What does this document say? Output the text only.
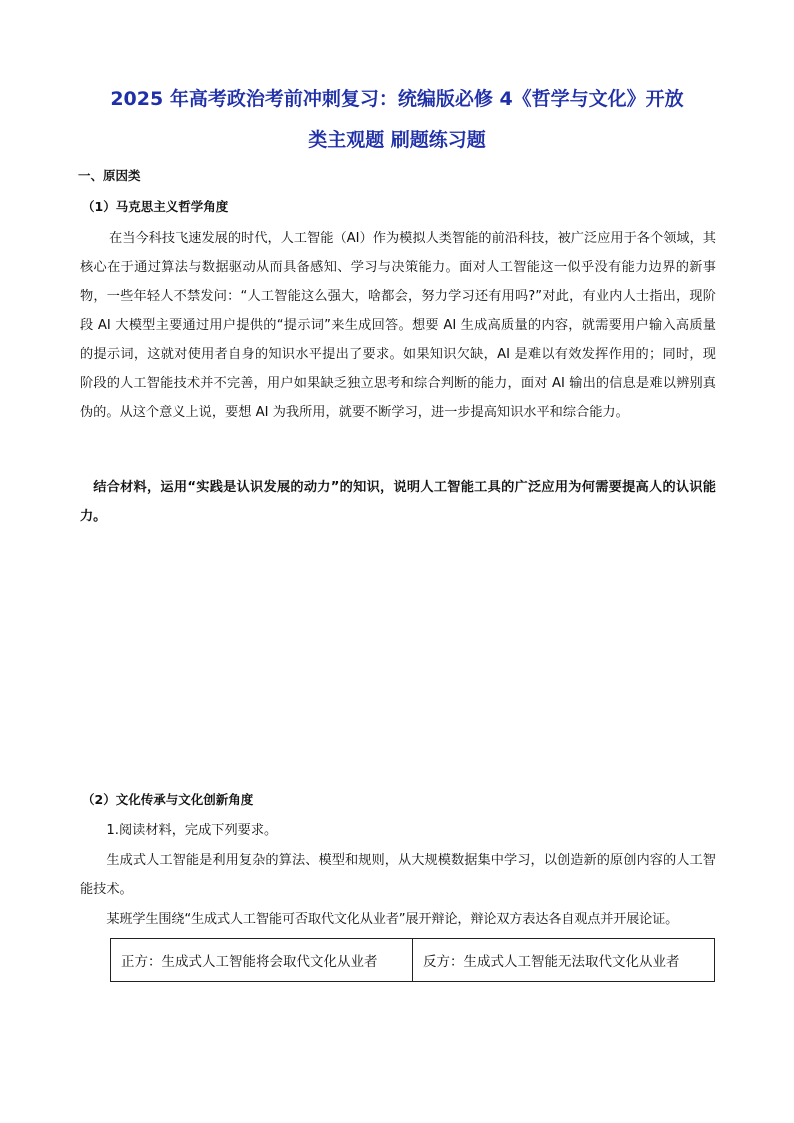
2025 年高考政治考前冲刺复习：统编版必修 4《哲学与文化》开放
类主观题 刷题练习题
一、原因类
（1）马克思主义哲学角度

在当今科技飞速发展的时代，人工智能（AI）作为模拟人类智能的前沿科技，被广泛应用于各个领域，其核心在于通过算法与数据驱动从而具备感知、学习与决策能力。面对人工智能这一似乎没有能力边界的新事物，一些年轻人不禁发问：“人工智能这么强大，啥都会，努力学习还有用吗?”对此，有业内人士指出，现阶段 AI 大模型主要通过用户提供的“提示词”来生成回答。想要 AI 生成高质量的内容，就需要用户输入高质量的提示词，这就对使用者自身的知识水平提出了要求。如果知识欠缺，AI 是难以有效发挥作用的；同时，现阶段的人工智能技术并不完善，用户如果缺乏独立思考和综合判断的能力，面对 AI 输出的信息是难以辨别真伪的。从这个意义上说，要想 AI 为我所用，就要不断学习，进一步提高知识水平和综合能力。

结合材料，运用“实践是认识发展的动力”的知识，说明人工智能工具的广泛应用为何需要提高人的认识能力。

（2）文化传承与文化创新角度

1.阅读材料，完成下列要求。

生成式人工智能是利用复杂的算法、模型和规则，从大规模数据集中学习，以创造新的原创内容的人工智能技术。

某班学生围绕“生成式人工智能可否取代文化从业者”展开辩论，辩论双方表达各自观点并开展论证。

正方：生成式人工智能将会取代文化从业者	反方：生成式人工智能无法取代文化从业者
